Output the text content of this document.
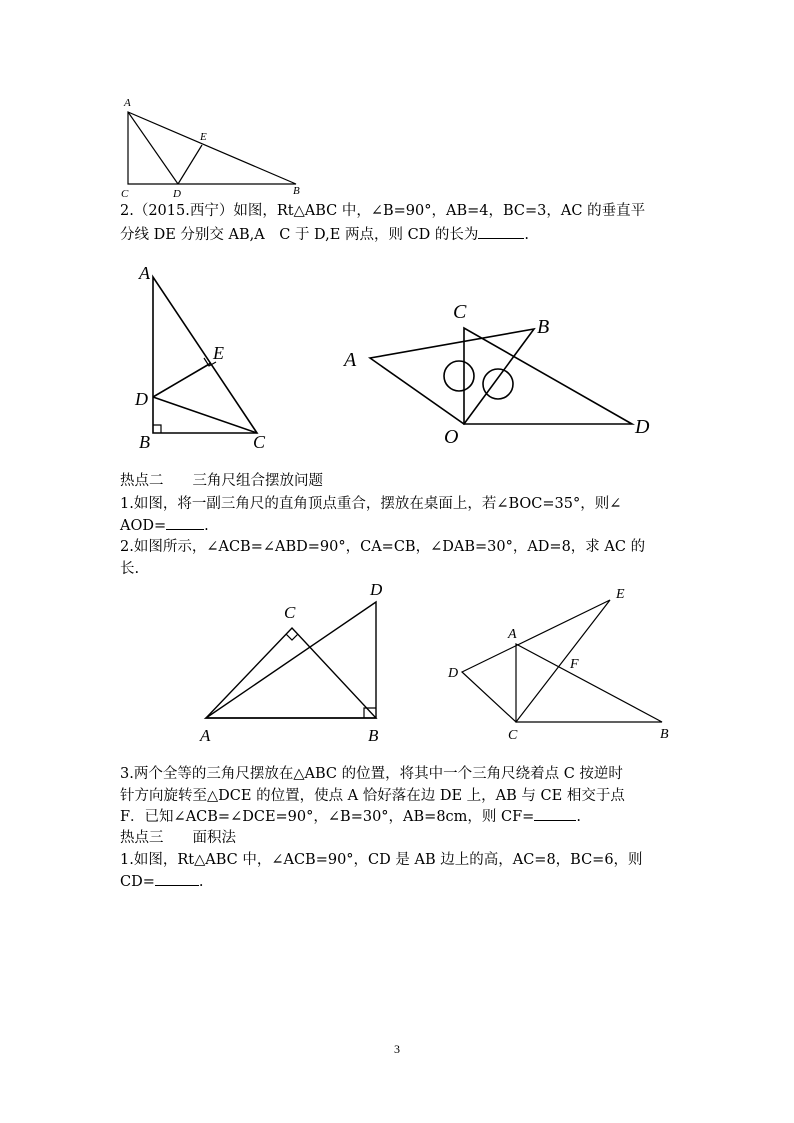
A
E
C	D	B
2.（2015.西宁）如图，Rt△ABC 中，∠B=90°，AB=4，BC=3，AC 的垂直平
分线 DE 分别交 AB,A　C 于 D,E 两点，则 CD 的长为	.
A
E
D
B	C
C
B
A
O	D
热点二　　三角尺组合摆放问题
1.如图，将一副三角尺的直角顶点重合，摆放在桌面上，若∠BOC=35°，则∠
AOD=	.
2.如图所示，∠ACB=∠ABD=90°，CA=CB，∠DAB=30°，AD=8，求 AC 的
长.
D
C
A	B
E
A
F
D
C	B
3.两个全等的三角尺摆放在△ABC 的位置，将其中一个三角尺绕着点 C 按逆时
针方向旋转至△DCE 的位置，使点 A 恰好落在边 DE 上，AB 与 CE 相交于点
F．已知∠ACB=∠DCE=90°，∠B=30°，AB=8cm，则 CF=	.
热点三　　面积法
1.如图，Rt△ABC 中，∠ACB=90°，CD 是 AB 边上的高，AC=8，BC=6，则
CD=	.
3
